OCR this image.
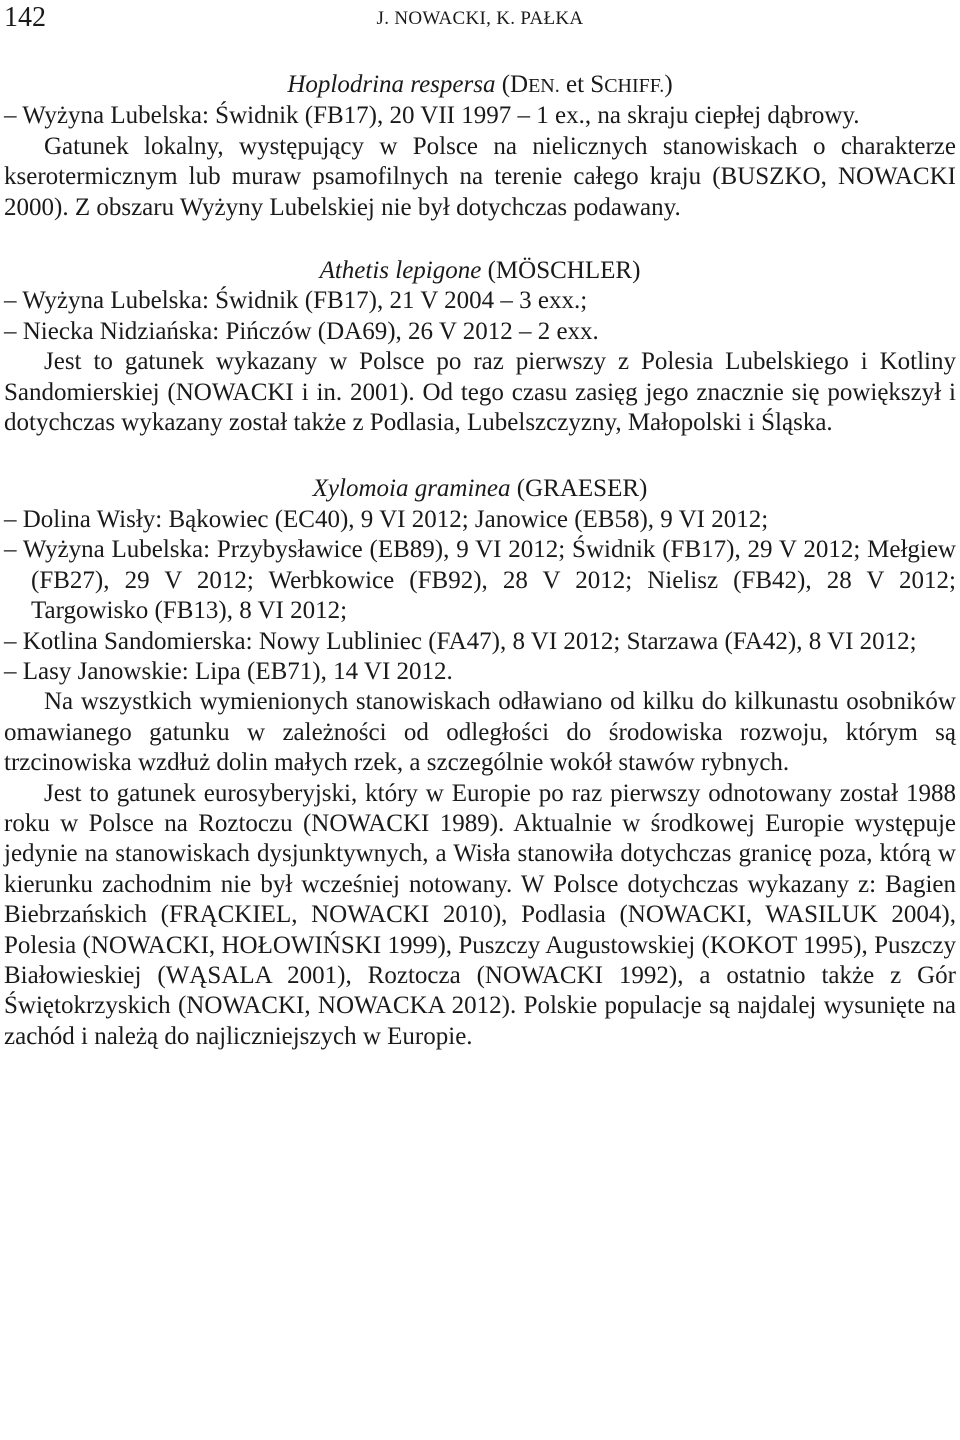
142	J. NOWACKI, K. PAŁKA

Hoplodrina respersa (DEN. et SCHIFF.)

– Wyżyna Lubelska: Świdnik (FB17), 20 VII 1997 – 1 ex., na skraju ciepłej dąbrowy.

Gatunek lokalny, występujący w Polsce na nielicznych stanowiskach o charakterze kserotermicznym lub muraw psamofilnych na terenie całego kraju (BUSZKO, NOWACKI 2000). Z obszaru Wyżyny Lubelskiej nie był dotychczas podawany.

Athetis lepigone (MÖSCHLER)

– Wyżyna Lubelska: Świdnik (FB17), 21 V 2004 – 3 exx.;

– Niecka Nidziańska: Pińczów (DA69), 26 V 2012 – 2 exx.

Jest to gatunek wykazany w Polsce po raz pierwszy z Polesia Lubelskiego i Kotliny Sandomierskiej (NOWACKI i in. 2001). Od tego czasu zasięg jego znacznie się powiększył i dotychczas wykazany został także z Podlasia, Lubelszczyzny, Małopolski i Śląska.

Xylomoia graminea (GRAESER)

– Dolina Wisły: Bąkowiec (EC40), 9 VI 2012; Janowice (EB58), 9 VI 2012;

– Wyżyna Lubelska: Przybysławice (EB89), 9 VI 2012; Świdnik (FB17), 29 V 2012; Mełgiew (FB27), 29 V 2012; Werbkowice (FB92), 28 V 2012; Nielisz (FB42), 28 V 2012; Targowisko (FB13), 8 VI 2012;

– Kotlina Sandomierska: Nowy Lubliniec (FA47), 8 VI 2012; Starzawa (FA42), 8 VI 2012;

– Lasy Janowskie: Lipa (EB71), 14 VI 2012.

Na wszystkich wymienionych stanowiskach odławiano od kilku do kilkunastu osobników omawianego gatunku w zależności od odległości do środowiska rozwoju, którym są trzcinowiska wzdłuż dolin małych rzek, a szczególnie wokół stawów rybnych.

Jest to gatunek eurosyberyjski, który w Europie po raz pierwszy odnotowany został 1988 roku w Polsce na Roztoczu (NOWACKI 1989). Aktualnie w środkowej Europie występuje jedynie na stanowiskach dysjunktywnych, a Wisła stanowiła dotychczas granicę poza, którą w kierunku zachodnim nie był wcześniej notowany. W Polsce dotychczas wykazany z: Bagien Biebrzańskich (FRĄCKIEL, NOWACKI 2010), Podlasia (NOWACKI, WASILUK 2004), Polesia (NOWACKI, HOŁOWIŃSKI 1999), Puszczy Augustowskiej (KOKOT 1995), Puszczy Białowieskiej (WĄSALA 2001), Roztocza (NOWACKI 1992), a ostatnio także z Gór Świętokrzyskich (NOWACKI, NOWACKA 2012). Polskie populacje są najdalej wysunięte na zachód i należą do najliczniejszych w Europie.
